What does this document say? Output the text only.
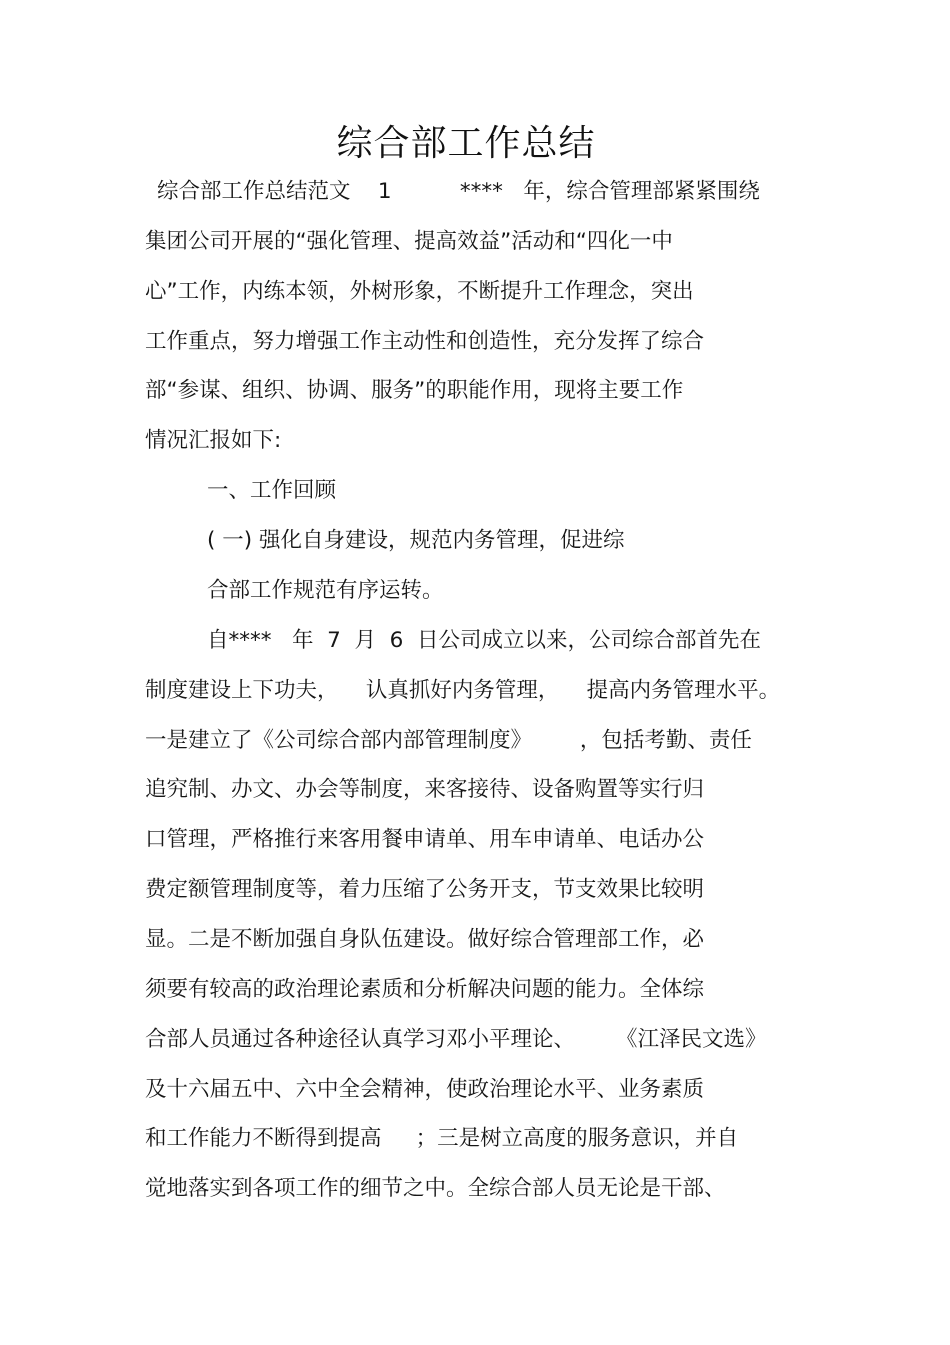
综合部工作总结
综合部工作总结范文    1          ****   年，综合管理部紧紧围绕
集团公司开展的“强化管理、提高效益”活动和“四化一中
心”工作，内练本领，外树形象，不断提升工作理念，突出
工作重点，努力增强工作主动性和创造性，充分发挥了综合
部“参谋、组织、协调、服务”的职能作用，现将主要工作
情况汇报如下:
一、工作回顾
( 一) 强化自身建设，规范内务管理，促进综
合部工作规范有序运转。
自****   年  7  月  6  日公司成立以来，公司综合部首先在
制度建设上下功夫，    认真抓好内务管理，    提高内务管理水平。
一是建立了《公司综合部内部管理制度》       ，包括考勤、责任
追究制、办文、办会等制度，来客接待、设备购置等实行归
口管理，严格推行来客用餐申请单、用车申请单、电话办公
费定额管理制度等，着力压缩了公务开支，节支效果比较明
显。二是不断加强自身队伍建设。做好综合管理部工作，必
须要有较高的政治理论素质和分析解决问题的能力。全体综
合部人员通过各种途径认真学习邓小平理论、      《江泽民文选》
及十六届五中、六中全会精神，使政治理论水平、业务素质
和工作能力不断得到提高     ；三是树立高度的服务意识，并自
觉地落实到各项工作的细节之中。全综合部人员无论是干部、
